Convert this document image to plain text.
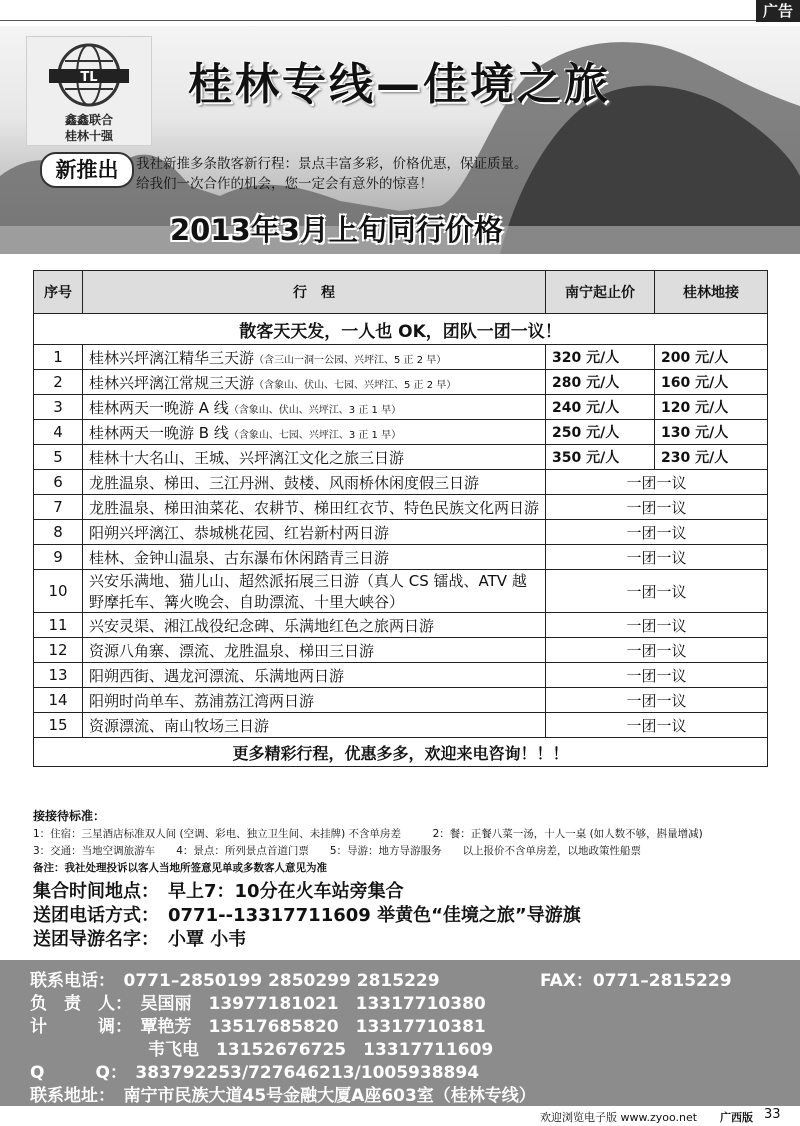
广告
TL
鑫鑫联合
桂林十强
桂林专线—佳境之旅
新推出	我社新推多条散客新行程：景点丰富多彩，价格优惠，保证质量。
给我们一次合作的机会，您一定会有意外的惊喜！
2013年3月上旬同行价格
序号	行　程	南宁起止价	桂林地接
散客天天发，一人也 OK，团队一团一议！			
1	桂林兴坪漓江精华三天游（含三山一洞一公园、兴坪江、5 正 2 早）	320 元/人	200 元/人
2	桂林兴坪漓江常规三天游（含象山、伏山、七园、兴坪江、5 正 2 早）	280 元/人	160 元/人
3	桂林两天一晚游 A 线（含象山、伏山、兴坪江、3 正 1 早）	240 元/人	120 元/人
4	桂林两天一晚游 B 线（含象山、七园、兴坪江、3 正 1 早）	250 元/人	130 元/人
5	桂林十大名山、王城、兴坪漓江文化之旅三日游	350 元/人	230 元/人
6	龙胜温泉、梯田、三江丹洲、鼓楼、风雨桥休闲度假三日游	一团一议	
7	龙胜温泉、梯田油菜花、农耕节、梯田红衣节、特色民族文化两日游	一团一议	
8	阳朔兴坪漓江、恭城桃花园、红岩新村两日游	一团一议	
9	桂林、金钟山温泉、古东瀑布休闲踏青三日游	一团一议	
10	兴安乐满地、猫儿山、超然派拓展三日游（真人 CS 镭战、ATV 越野摩托车、篝火晚会、自助漂流、十里大峡谷）	一团一议	
11	兴安灵渠、湘江战役纪念碑、乐满地红色之旅两日游	一团一议	
12	资源八角寨、漂流、龙胜温泉、梯田三日游	一团一议	
13	阳朔西街、遇龙河漂流、乐满地两日游	一团一议	
14	阳朔时尚单车、荔浦荔江湾两日游	一团一议	
15	资源漂流、南山牧场三日游	一团一议	
更多精彩行程，优惠多多，欢迎来电咨询！！！			
接接待标准：
1：住宿：三星酒店标准双人间 (空调、彩电、独立卫生间、未挂牌) 不含单房差　　　	2：餐：正餐八菜一汤，十人一桌 (如人数不够，斟量增减)
3：交通：当地空调旅游车　　 4：景点：所列景点首道门票　　 5：导游：地方导游服务　　 以上报价不含单房差，以地政策性船票
备注：我社处理投诉以客人当地所签意见单或多数客人意见为准
集合时间地点：　早上7：10分在火车站旁集合
送团电话方式：　0771--13317711609 举黄色“佳境之旅”导游旗
送团导游名字：　小覃 小韦
联系电话：　0771–2850199 2850299 2815229	FAX：0771–2815229
负　责　人：　吴国丽　13977181021　13317710380
计　　　调：　覃艳芳　13517685820　13317710381
韦飞电　13152676725　13317711609
Q　　　Q：　383792253/727646213/1005938894
联系地址：　南宁市民族大道45号金融大厦A座603室（桂林专线）
欢迎浏览电子版 www.zyoo.net 广西版 33
